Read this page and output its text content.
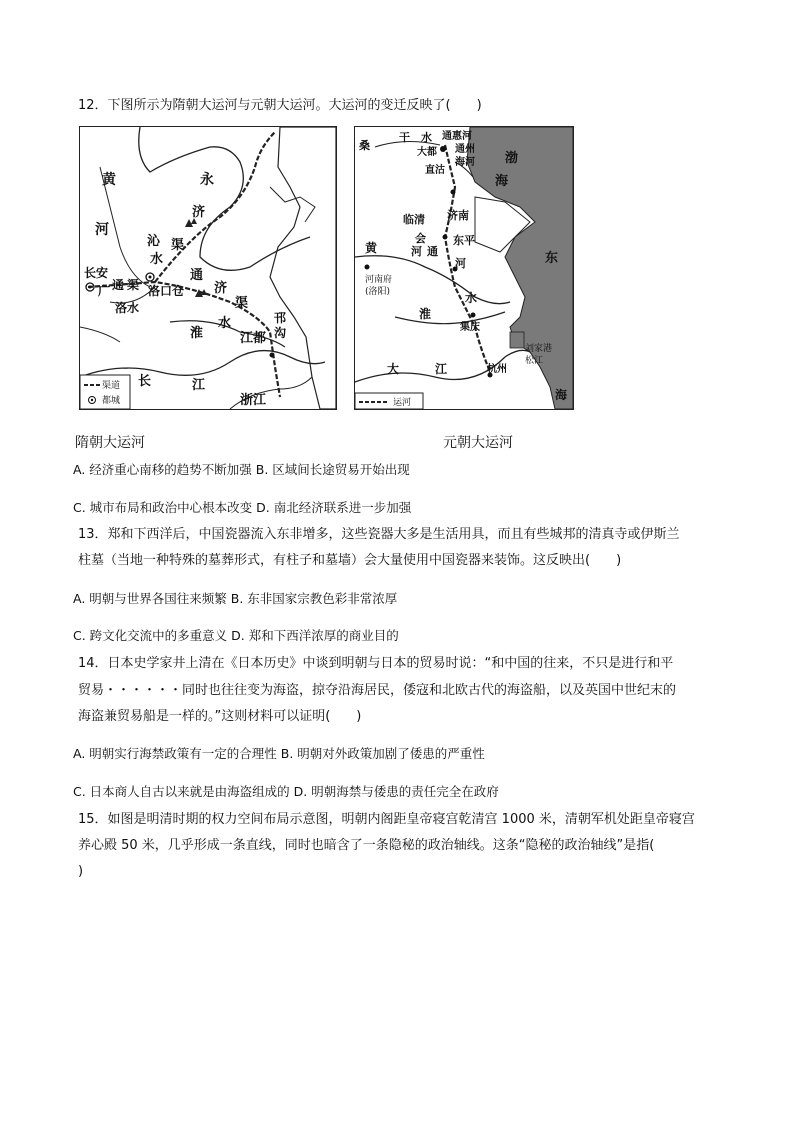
12．下图所示为隋朝大运河与元朝大运河。大运河的变迁反映了(　　)
黄
河
永
济
沁
水
渠
长安
广 通 渠 洛口仓
洛水
通
济
渠
淮
水
江都
邗
沟
长	江
浙江
渠道
都城
隋朝大运河
桑
干 水 通惠河
大都 通州
直沽
海河 渤
海
临清 济南
会 东平
通
黄	河
河
河南府
(洛阳)
东
淮
水
集庆
刘家港
松江
杭州
大	江
海
运河
元朝大运河
A. 经济重心南移的趋势不断加强 B. 区域间长途贸易开始出现
C. 城市布局和政治中心根本改变 D. 南北经济联系进一步加强
13．郑和下西洋后，中国瓷器流入东非增多，这些瓷器大多是生活用具，而且有些城邦的清真寺或伊斯兰
柱墓（当地一种特殊的墓葬形式，有柱子和墓墙）会大量使用中国瓷器来装饰。这反映出(　　)
A. 明朝与世界各国往来频繁 B. 东非国家宗教色彩非常浓厚
C. 跨文化交流中的多重意义 D. 郑和下西洋浓厚的商业目的
14．日本史学家井上清在《日本历史》中谈到明朝与日本的贸易时说：“和中国的往来，不只是进行和平
贸易・・・・・・同时也往往变为海盗，掠夺沿海居民，倭寇和北欧古代的海盗船，以及英国中世纪末的
海盗兼贸易船是一样的。”这则材料可以证明(　　)
A. 明朝实行海禁政策有一定的合理性 B. 明朝对外政策加剧了倭患的严重性
C. 日本商人自古以来就是由海盗组成的 D. 明朝海禁与倭患的责任完全在政府
15．如图是明清时期的权力空间布局示意图，明朝内阁距皇帝寝宫乾清宫 1000 米，清朝军机处距皇帝寝宫
养心殿 50 米，几乎形成一条直线，同时也暗含了一条隐秘的政治轴线。这条“隐秘的政治轴线”是指(
)
